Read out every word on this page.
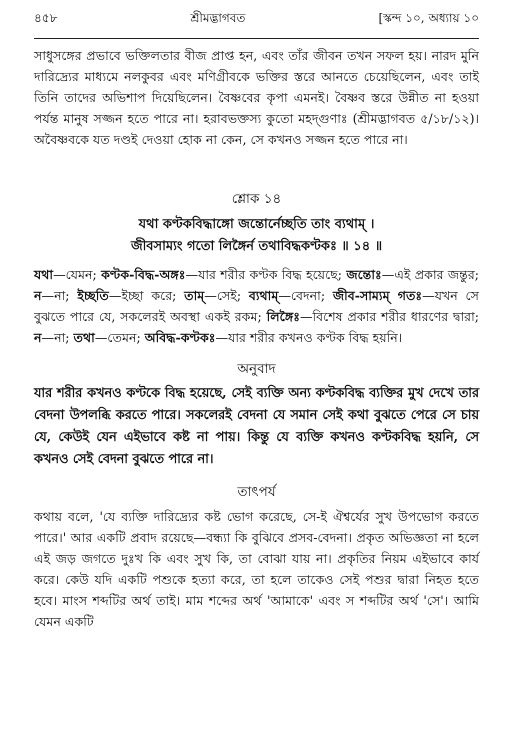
৪৫৮	শ্রীমদ্ভাগবত	[স্কন্দ ১০, অধ্যায় ১০

সাধুসঙ্গের প্রভাবে ভক্তিলতার বীজ প্রাপ্ত হন, এবং তাঁর জীবন তখন সফল হয়। নারদ মুনি দারিদ্র্যের মাধ্যমে নলকুবর এবং মণিগ্রীবকে ভক্তির স্তরে আনতে চেয়েছিলেন, এবং তাই তিনি তাদের অভিশাপ দিয়েছিলেন। বৈষ্ণবের কৃপা এমনই। বৈষ্ণব স্তরে উন্নীত না হওয়া পর্যন্ত মানুষ সজ্জন হতে পারে না। হরাবভক্তস্য কুতো মহদ্গুণাঃ (শ্রীমদ্ভাগবত ৫/১৮/১২)। অবৈষ্ণবকে যত দণ্ডই দেওয়া হোক না কেন, সে কখনও সজ্জন হতে পারে না।

শ্লোক ১৪
যথা কণ্টকবিদ্ধাঙ্গো জন্তোর্নেচ্ছতি তাং ব্যথাম্ ।
জীবসাম্যং গতো লিঙ্গৈর্ন তথাবিদ্ধকণ্টকঃ ॥ ১৪ ॥

যথা—যেমন; কণ্টক-বিদ্ধ-অঙ্গঃ—যার শরীর কণ্টক বিদ্ধ হয়েছে; জন্তোঃ—এই প্রকার জন্তুর; ন—না; ইচ্ছতি—ইচ্ছা করে; তাম্—সেই; ব্যথাম্—বেদনা; জীব-সাম্যম্ গতঃ—যখন সে বুঝতে পারে যে, সকলেরই অবস্থা একই রকম; লিঙ্গৈঃ—বিশেষ প্রকার শরীর ধারণের দ্বারা; ন—না; তথা—তেমন; অবিদ্ধ-কণ্টকঃ—যার শরীর কখনও কণ্টক বিদ্ধ হয়নি।

অনুবাদ

যার শরীর কখনও কণ্টকে বিদ্ধ হয়েছে, সেই ব্যক্তি অন্য কণ্টকবিদ্ধ ব্যক্তির মুখ দেখে তার বেদনা উপলব্ধি করতে পারে। সকলেরই বেদনা যে সমান সেই কথা বুঝতে পেরে সে চায় যে, কেউই যেন এইভাবে কষ্ট না পায়। কিন্তু যে ব্যক্তি কখনও কণ্টকবিদ্ধ হয়নি, সে কখনও সেই বেদনা বুঝতে পারে না।

তাৎপর্য

কথায় বলে, 'যে ব্যক্তি দারিদ্র্যের কষ্ট ভোগ করেছে, সে-ই ঐশ্বর্যের সুখ উপভোগ করতে পারে।' আর একটি প্রবাদ রয়েছে—বন্ধ্যা কি বুঝিবে প্রসব-বেদনা। প্রকৃত অভিজ্ঞতা না হলে এই জড় জগতে দুঃখ কি এবং সুখ কি, তা বোঝা যায় না। প্রকৃতির নিয়ম এইভাবে কার্য করে। কেউ যদি একটি পশুকে হত্যা করে, তা হলে তাকেও সেই পশুর দ্বারা নিহত হতে হবে। মাংস শব্দটির অর্থ তাই। মাম শব্দের অর্থ 'আমাকে' এবং স শব্দটির অর্থ 'সে'। আমি যেমন একটি
